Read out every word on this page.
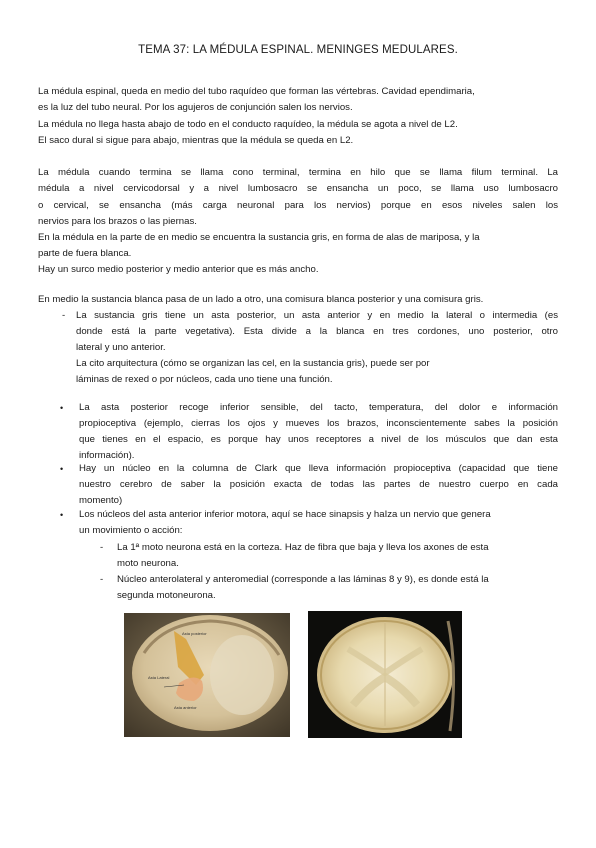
TEMA 37: LA MÉDULA ESPINAL. MENINGES MEDULARES.
La médula espinal, queda en medio del tubo raquídeo que forman las vértebras. Cavidad ependimaria,
es la luz del tubo neural. Por los agujeros de conjunción salen los nervios.
La médula no llega hasta abajo de todo en el conducto raquídeo, la médula se agota a nivel de L2.
El saco dural si sigue para abajo, mientras que la médula se queda en L2.
La médula cuando termina se llama cono terminal, termina en hilo que se llama filum terminal. La
médula a nivel cervicodorsal y a nivel lumbosacro se ensancha un poco, se llama uso lumbosacro
o cervical, se ensancha (más carga neuronal para los nervios) porque en esos niveles salen los
nervios para los brazos o las piernas.
En la médula en la parte de en medio se encuentra la sustancia gris, en forma de alas de mariposa, y la
parte de fuera blanca.
Hay un surco medio posterior y medio anterior que es más ancho.
En medio la sustancia blanca pasa de un lado a otro, una comisura blanca posterior y una comisura gris.
- La sustancia gris tiene un asta posterior, un asta anterior y en medio la lateral o intermedia (es
donde está la parte vegetativa). Esta divide a la blanca en tres cordones, uno posterior, otro
lateral y uno anterior.
La cito arquitectura (cómo se organizan las cel, en la sustancia gris), puede ser por
láminas de rexed o por núcleos, cada uno tiene una función.
• La asta posterior recoge inferior sensible, del tacto, temperatura, del dolor e información
propioceptiva (ejemplo, cierras los ojos y mueves los brazos, inconscientemente sabes la posición
que tienes en el espacio, es porque hay unos receptores a nivel de los músculos que dan esta
información).
• Hay un núcleo en la columna de Clark que lleva información propioceptiva (capacidad que tiene
nuestro cerebro de saber la posición exacta de todas las partes de nuestro cuerpo en cada
momento)
• Los núcleos del asta anterior inferior motora, aquí se hace sinapsis y haIza un nervio que genera
un movimiento o acción:
- La 1ª moto neurona está en la corteza. Haz de fibra que baja y lleva los axones de esta
moto neurona.
- Núcleo anterolateral y anteromedial (corresponde a las láminas 8 y 9), es donde está la
segunda motoneurona.
Asta posterior
Asta Lateral
Asta anterior
